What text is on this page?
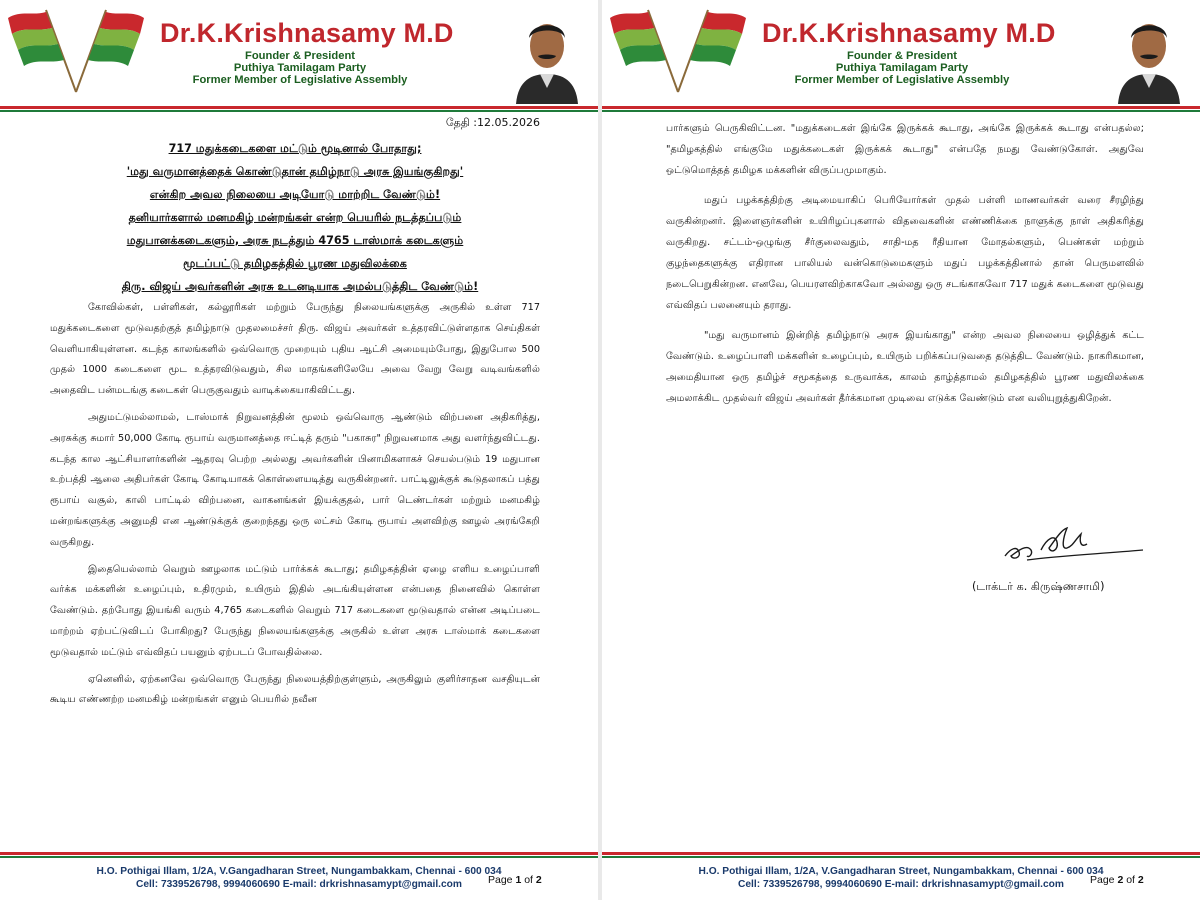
Dr.K.Krishnasamy M.D
Founder & President
Puthiya Tamilagam Party
Former Member of Legislative Assembly
தேதி :12.05.2026
717 மதுக்கடைகளை மட்டும் மூடினால் போதாது;
'மது வருமானத்தைக் கொண்டுதான் தமிழ்நாடு அரசு இயங்குகிறது'
என்கிற அவல நிலையை அடியோடு மாற்றிட வேண்டும்!
தனியார்களால் மனமகிழ் மன்றங்கள் என்ற பெயரில் நடத்தப்படும்
மதுபானக்கடைகளும், அரசு நடத்தும் 4765 டாஸ்மாக் கடைகளும்
மூடப்பட்டு தமிழகத்தில் பூரண மதுவிலக்கை
திரு. விஜய் அவர்களின் அரசு உடனடியாக அமல்படுத்திட வேண்டும்!

கோவில்கள், பள்ளிகள், கல்லூரிகள் மற்றும் பேருந்து நிலையங்களுக்கு அருகில் உள்ள 717 மதுக்கடைகளை மூடுவதற்குத் தமிழ்நாடு முதலமைச்சர் திரு. விஜய் அவர்கள் உத்தரவிட்டுள்ளதாக செய்திகள் வெளியாகியுள்ளன. கடந்த காலங்களில் ஒவ்வொரு முறையும் புதிய ஆட்சி அமையும்போது, இதுபோல 500 முதல் 1000 கடைகளை மூட உத்தரவிடுவதும், சில மாதங்களிலேயே அவை வேறு வேறு வடிவங்களில் அதைவிட பன்மடங்கு கடைகள் பெருகுவதும் வாடிக்கையாகிவிட்டது.

அதுமட்டுமல்லாமல், டாஸ்மாக் நிறுவனத்தின் மூலம் ஒவ்வொரு ஆண்டும் விற்பனை அதிகரித்து, அரசுக்கு சுமார் 50,000 கோடி ரூபாய் வருமானத்தை ஈட்டித் தரும் "பகாசுர" நிறுவனமாக அது வளர்ந்துவிட்டது. கடந்த கால ஆட்சியாளர்களின் ஆதரவு பெற்ற அல்லது அவர்களின் பினாமிகளாகச் செயல்படும் 19 மதுபான உற்பத்தி ஆலை அதிபர்கள் கோடி கோடியாகக் கொள்ளையடித்து வருகின்றனர். பாட்டிலுக்குக் கூடுதலாகப் பத்து ரூபாய் வசூல், காலி பாட்டில் விற்பனை, வாகனங்கள் இயக்குதல், பார் டெண்டர்கள் மற்றும் மனமகிழ் மன்றங்களுக்கு அனுமதி என ஆண்டுக்குக் குறைந்தது ஒரு லட்சம் கோடி ரூபாய் அளவிற்கு ஊழல் அரங்கேறி வருகிறது.

இதையெல்லாம் வெறும் ஊழலாக மட்டும் பார்க்கக் கூடாது; தமிழகத்தின் ஏழை எளிய உழைப்பாளி வர்க்க மக்களின் உழைப்பும், உதிரமும், உயிரும் இதில் அடங்கியுள்ளன என்பதை நினைவில் கொள்ள வேண்டும். தற்போது இயங்கி வரும் 4,765 கடைகளில் வெறும் 717 கடைகளை மூடுவதால் என்ன அடிப்படை மாற்றம் ஏற்பட்டுவிடப் போகிறது? பேருந்து நிலையங்களுக்கு அருகில் உள்ள அரசு டாஸ்மாக் கடைகளை மூடுவதால் மட்டும் எவ்விதப் பயனும் ஏற்படப் போவதில்லை.

ஏனெனில், ஏற்கனவே ஒவ்வொரு பேருந்து நிலையத்திற்குள்ளும், அருகிலும் குளிர்சாதன வசதியுடன் கூடிய எண்ணற்ற மனமகிழ் மன்றங்கள் எனும் பெயரில் நவீன

H.O. Pothigai Illam, 1/2A, V.Gangadharan Street, Nungambakkam, Chennai - 600 034
Cell: 7339526798, 9994060690 E-mail: drkrishnasamypt@gmail.com	Page 1 of 2
Dr.K.Krishnasamy M.D
Founder & President
Puthiya Tamilagam Party
Former Member of Legislative Assembly

பார்களும் பெருகிவிட்டன. "மதுக்கடைகள் இங்கே இருக்கக் கூடாது, அங்கே இருக்கக் கூடாது என்பதல்ல; "தமிழகத்தில் எங்குமே மதுக்கடைகள் இருக்கக் கூடாது" என்பதே நமது வேண்டுகோள். அதுவே ஒட்டுமொத்தத் தமிழக மக்களின் விருப்பமுமாகும்.

மதுப் பழக்கத்திற்கு அடிமையாகிப் பெரியோர்கள் முதல் பள்ளி மாணவர்கள் வரை சீரழிந்து வருகின்றனர். இளைஞர்களின் உயிரிழப்புகளால் விதவைகளின் எண்ணிக்கை நாளுக்கு நாள் அதிகரித்து வருகிறது. சட்டம்-ஒழுங்கு சீர்குலைவதும், சாதி-மத ரீதியான மோதல்களும், பெண்கள் மற்றும் குழந்தைகளுக்கு எதிரான பாலியல் வன்கொடுமைகளும் மதுப் பழக்கத்தினால் தான் பெருமளவில் நடைபெறுகின்றன. எனவே, பெயரளவிற்காகவோ அல்லது ஒரு சடங்காகவோ 717 மதுக் கடைகளை மூடுவது எவ்விதப் பலனையும் தராது.

"மது வருமானம் இன்றித் தமிழ்நாடு அரசு இயங்காது" என்ற அவல நிலையை ஒழித்துக் கட்ட வேண்டும். உழைப்பாளி மக்களின் உழைப்பும், உயிரும் பறிக்கப்படுவதை தடுத்திட வேண்டும். நாகரிகமான, அமைதியான ஒரு தமிழ்ச் சமூகத்தை உருவாக்க, காலம் தாழ்த்தாமல் தமிழகத்தில் பூரண மதுவிலக்கை அமலாக்கிட முதல்வர் விஜய் அவர்கள் தீர்க்கமான முடிவை எடுக்க வேண்டும் என வலியுறுத்துகிறேன்.

(டாக்டர் க. கிருஷ்ணசாமி)
H.O. Pothigai Illam, 1/2A, V.Gangadharan Street, Nungambakkam, Chennai - 600 034
Cell: 7339526798, 9994060690 E-mail: drkrishnasamypt@gmail.com	Page 2 of 2
